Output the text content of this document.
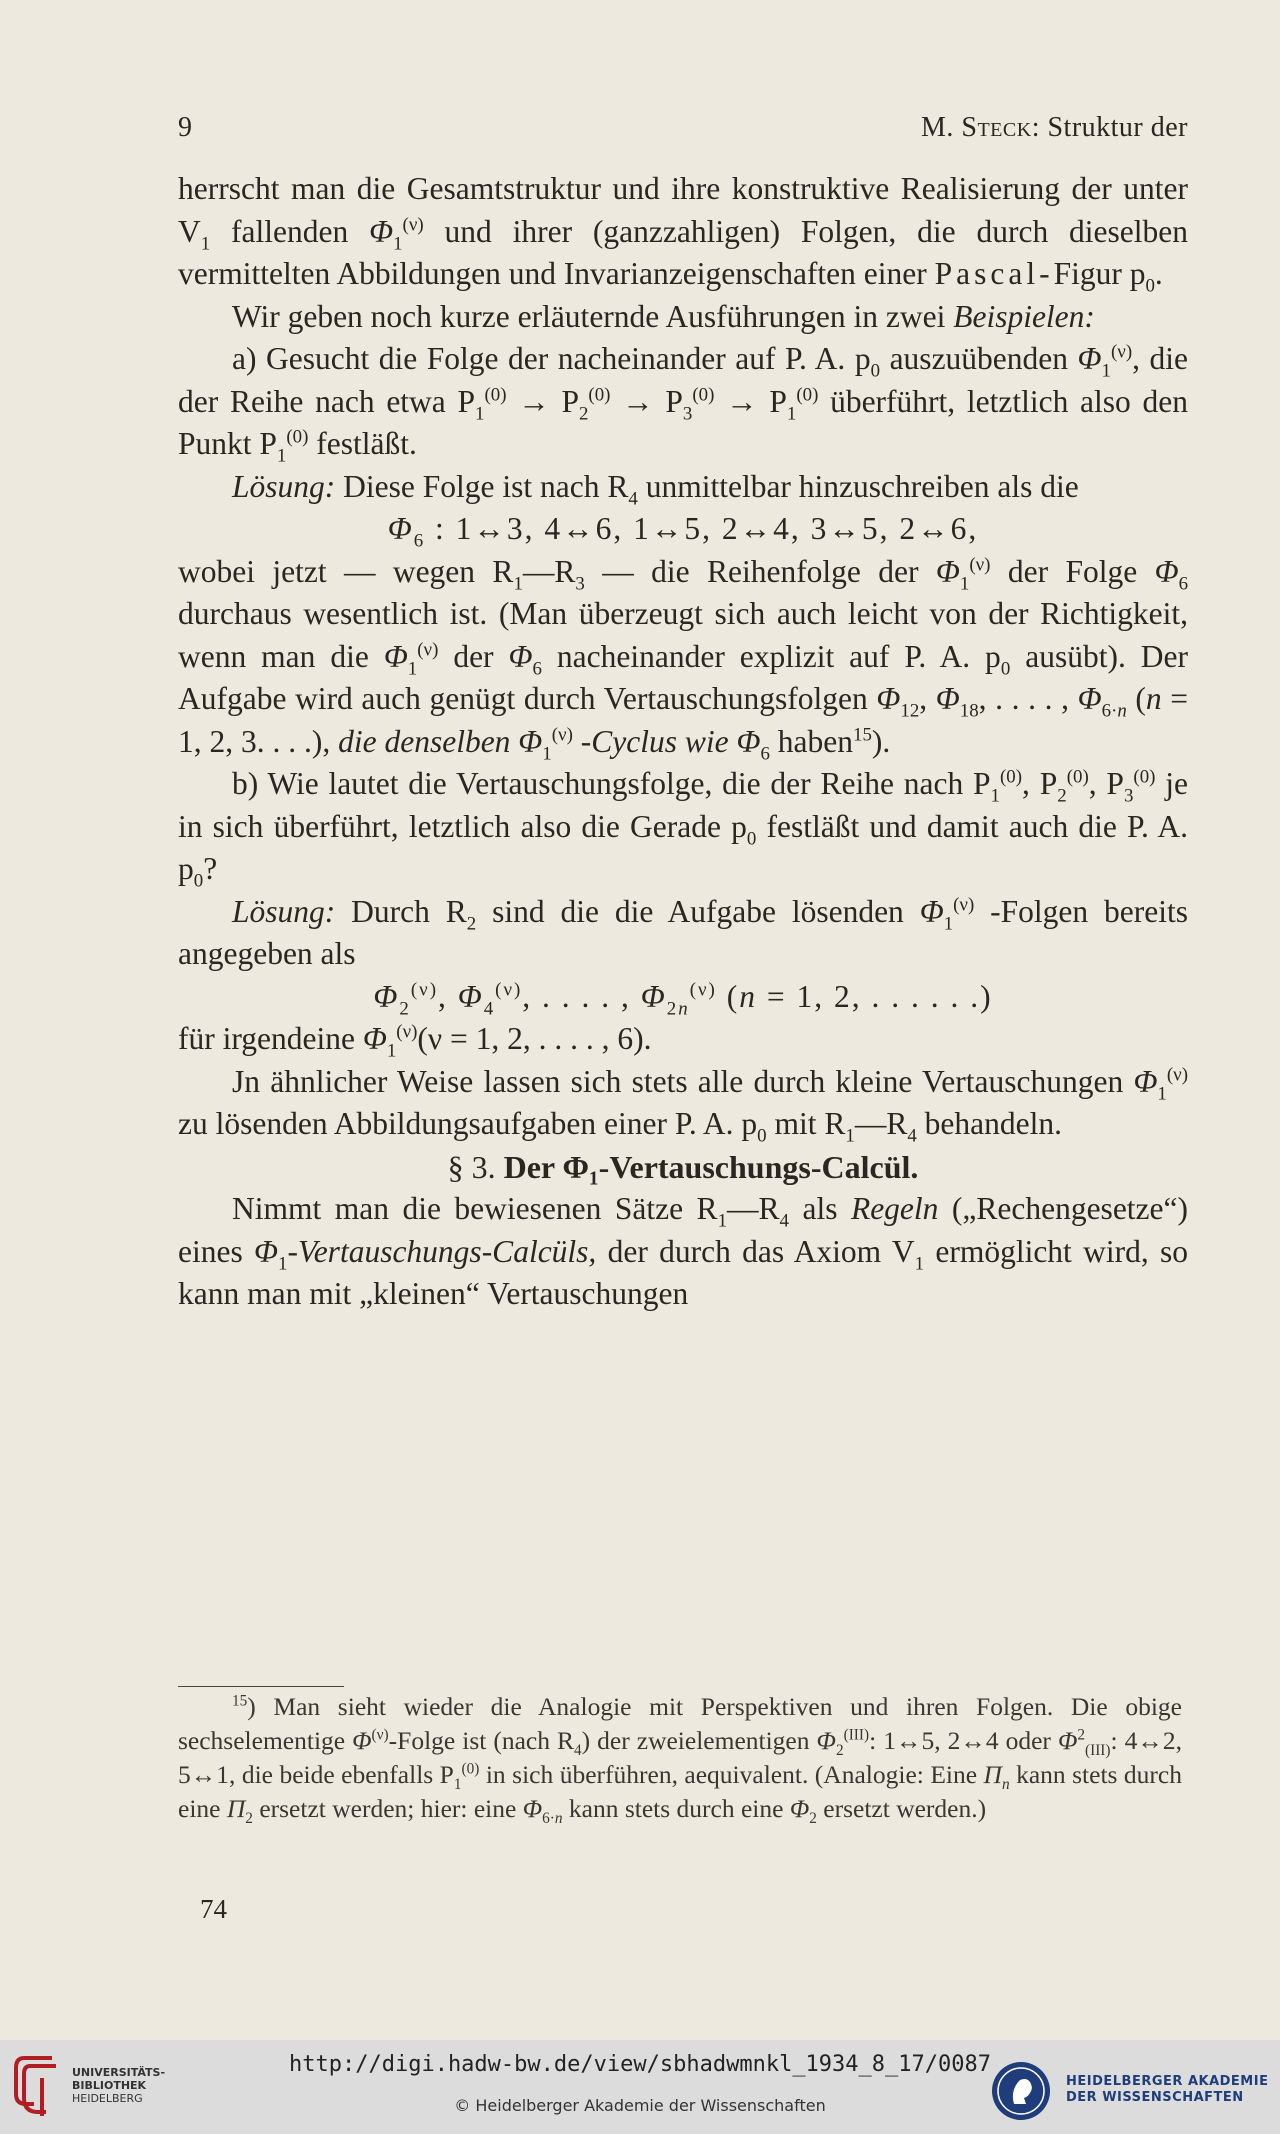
9	M. Steck: Struktur der

herrscht man die Gesamtstruktur und ihre konstruktive Realisierung der unter $V_1$ fallenden $\Phi_1^{(\nu)}$ und ihrer (ganzzahligen) Folgen, die durch dieselben vermittelten Abbildungen und Invarianzeigenschaften einer Pascal-Figur $p_0$.

Wir geben noch kurze erläuternde Ausführungen in zwei Beispielen:

a) Gesucht die Folge der nacheinander auf P. A. $p_0$ auszuübenden $\Phi_1^{(\nu)}$, die der Reihe nach etwa $P_1^{(0)} \to P_2^{(0)} \to P_3^{(0)} \to P_1^{(0)}$ überführt, letztlich also den Punkt $P_1^{(0)}$ festläßt.

Lösung: Diese Folge ist nach $R_4$ unmittelbar hinzuschreiben als die

$\Phi_6$ : 1↔3, 4↔6, 1↔5, 2↔4, 3↔5, 2↔6,

wobei jetzt — wegen $R_1—R_3$ — die Reihenfolge der $\Phi_1^{(\nu)}$ der Folge $\Phi_6$ durchaus wesentlich ist. (Man überzeugt sich auch leicht von der Richtigkeit, wenn man die $\Phi_1^{(\nu)}$ der $\Phi_6$ nacheinander explizit auf P. A. $p_0$ ausübt). Der Aufgabe wird auch genügt durch Vertauschungsfolgen $\Phi_{12}$, $\Phi_{18}$, . . . . , $\Phi_{6\cdot n}$ (n = 1, 2, 3. . . .), die denselben $\Phi_1^{(\nu)}$ -Cyclus wie $\Phi_6$ haben$^{15}$).

b) Wie lautet die Vertauschungsfolge, die der Reihe nach $P_1^{(0)}$, $P_2^{(0)}$, $P_3^{(0)}$ je in sich überführt, letztlich also die Gerade $p_0$ festläßt und damit auch die P. A. $p_0$?

Lösung: Durch $R_2$ sind die die Aufgabe lösenden $\Phi_1^{(\nu)}$ -Folgen bereits angegeben als

$\Phi_2^{(\nu)}$, $\Phi_4^{(\nu)}$, . . . . , $\Phi_{2n}^{(\nu)}$ (n = 1, 2, . . . . . .)

für irgendeine $\Phi_1^{(\nu)}(\nu = 1$, 2, . . . . , 6).

Jn ähnlicher Weise lassen sich stets alle durch kleine Vertauschungen $\Phi_1^{(\nu)}$ zu lösenden Abbildungsaufgaben einer P. A. $p_0$ mit $R_1—R_4$ behandeln.

§ 3. Der Φ₁-Vertauschungs-Calcül.

Nimmt man die bewiesenen Sätze $R_1—R_4$ als Regeln („Rechengesetze“) eines $\Phi_1-Vertauschungs$-Calcüls, der durch das Axiom $V_1$ ermöglicht wird, so kann man mit „kleinen“ Vertauschungen

$^{15}$) Man sieht wieder die Analogie mit Perspektiven und ihren Folgen. Die obige sechselementige $\Phi^{(\nu)}$-Folge ist (nach $R_4$) der zweielementigen $\Phi_2^{(III)}$: 1↔5, 2↔4 oder $\Phi^2_{(III)}$: 4↔2, 5↔1, die beide ebenfalls $P_1^{(0)}$ in sich überführen, aequivalent. (Analogie: Eine $\Pi_n$ kann stets durch eine $\Pi_2$ ersetzt werden; hier: eine $\Phi_{6\cdot n}$ kann stets durch eine $\Phi_2$ ersetzt werden.)

74
UNIVERSITÄTS-
BIBLIOTHEK
HEIDELBERG
http://digi.hadw-bw.de/view/sbhadwmnkl_1934_8_17/0087
© Heidelberger Akademie der Wissenschaften
HEIDELBERGER AKADEMIE
DER WISSENSCHAFTEN
